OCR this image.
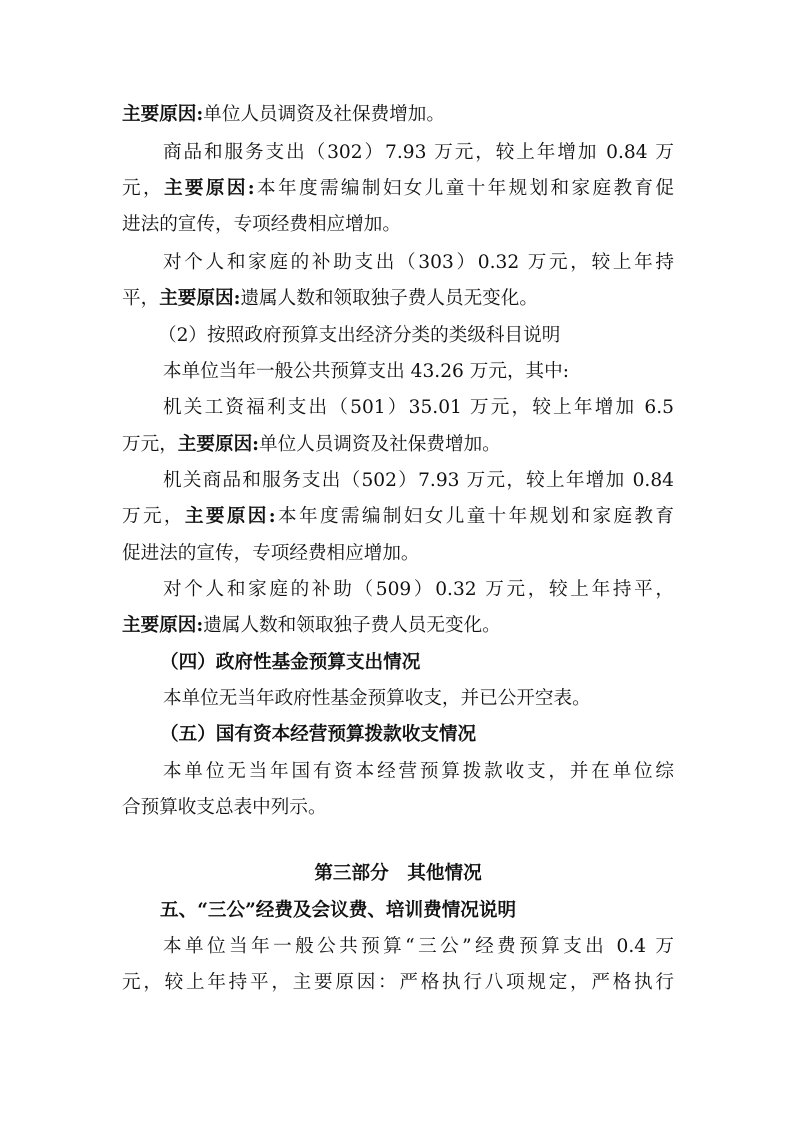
主要原因:单位人员调资及社保费增加。
商品和服务支出（302）7.93 万元，较上年增加 0.84 万
元，主要原因:本年度需编制妇女儿童十年规划和家庭教育促
进法的宣传，专项经费相应增加。
对个人和家庭的补助支出（303）0.32 万元，较上年持
平，主要原因:遗属人数和领取独子费人员无变化。
（2）按照政府预算支出经济分类的类级科目说明
本单位当年一般公共预算支出 43.26 万元，其中:
机关工资福利支出（501）35.01 万元，较上年增加 6.5
万元，主要原因:单位人员调资及社保费增加。
机关商品和服务支出（502）7.93 万元，较上年增加 0.84
万元，主要原因:本年度需编制妇女儿童十年规划和家庭教育
促进法的宣传，专项经费相应增加。
对个人和家庭的补助（509）0.32 万元，较上年持平，
主要原因:遗属人数和领取独子费人员无变化。
（四）政府性基金预算支出情况
本单位无当年政府性基金预算收支，并已公开空表。
（五）国有资本经营预算拨款收支情况
本单位无当年国有资本经营预算拨款收支，并在单位综
合预算收支总表中列示。
第三部分　其他情况
五、“三公”经费及会议费、培训费情况说明
本单位当年一般公共预算“三公”经费预算支出 0.4 万
元，较上年持平，主要原因：严格执行八项规定，严格执行
